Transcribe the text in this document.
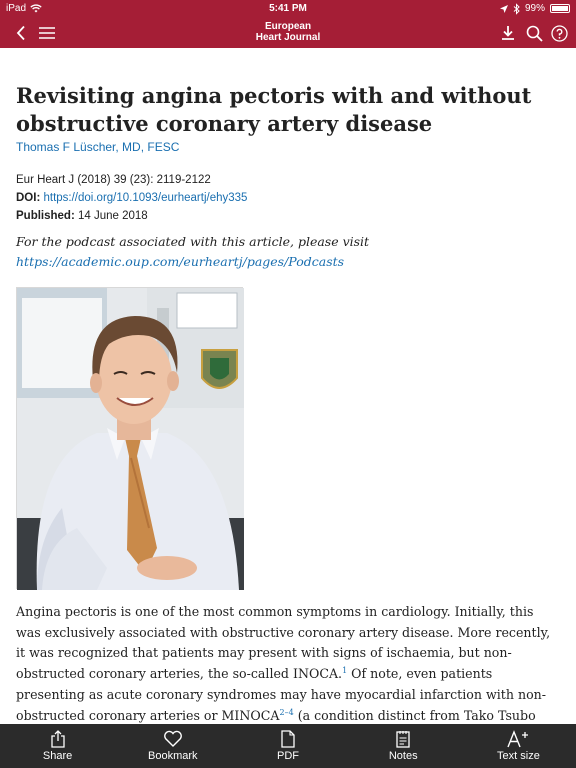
iPad	5:41 PM	99%
European
Heart Journal
Revisiting angina pectoris with and without obstructive coronary artery disease
Thomas F Lüscher, MD, FESC
Eur Heart J (2018) 39 (23): 2119-2122
DOI: https://doi.org/10.1093/eurheartj/ehy335
Published: 14 June 2018
For the podcast associated with this article, please visit https://academic.oup.com/eurheartj/pages/Podcasts
Angina pectoris is one of the most common symptoms in cardiology. Initially, this was exclusively associated with obstructive coronary artery disease. More recently, it was recognized that patients may present with signs of ischaemia, but non-obstructed coronary arteries, the so-called INOCA.$^1$ Of note, even patients presenting as acute coronary syndromes may have myocardial infarction with non-obstructed coronary arteries or MINOCA$^{2-4}$ (a condition distinct from Tako Tsubo
Share	Bookmark	PDF	Notes	Text size
